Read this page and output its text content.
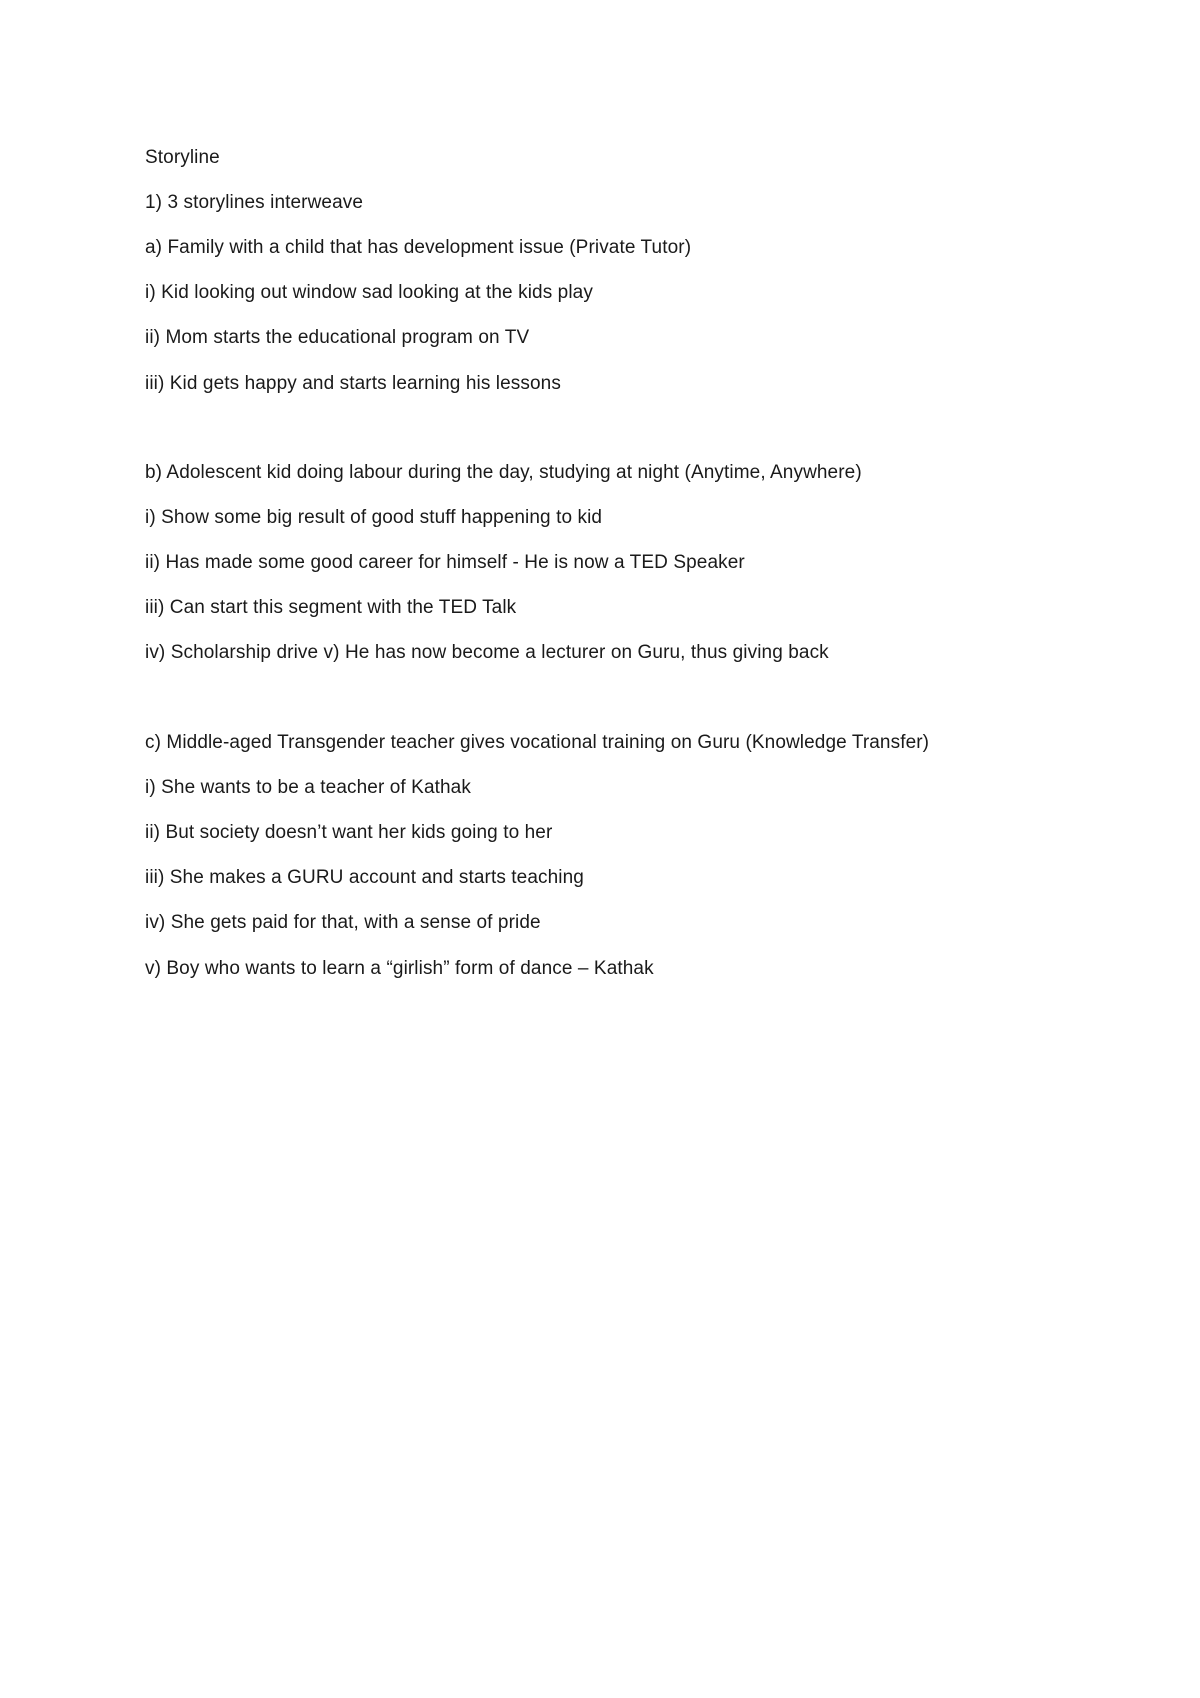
Storyline
1) 3 storylines interweave
a) Family with a child that has development issue (Private Tutor)
i) Kid looking out window sad looking at the kids play
ii) Mom starts the educational program on TV
iii) Kid gets happy and starts learning his lessons
b) Adolescent kid doing labour during the day, studying at night (Anytime, Anywhere)
i) Show some big result of good stuff happening to kid
ii) Has made some good career for himself - He is now a TED Speaker
iii) Can start this segment with the TED Talk
iv) Scholarship drive v) He has now become a lecturer on Guru, thus giving back
c) Middle-aged Transgender teacher gives vocational training on Guru (Knowledge Transfer)
i) She wants to be a teacher of Kathak
ii) But society doesn’t want her kids going to her
iii) She makes a GURU account and starts teaching
iv) She gets paid for that, with a sense of pride
v) Boy who wants to learn a “girlish” form of dance – Kathak
